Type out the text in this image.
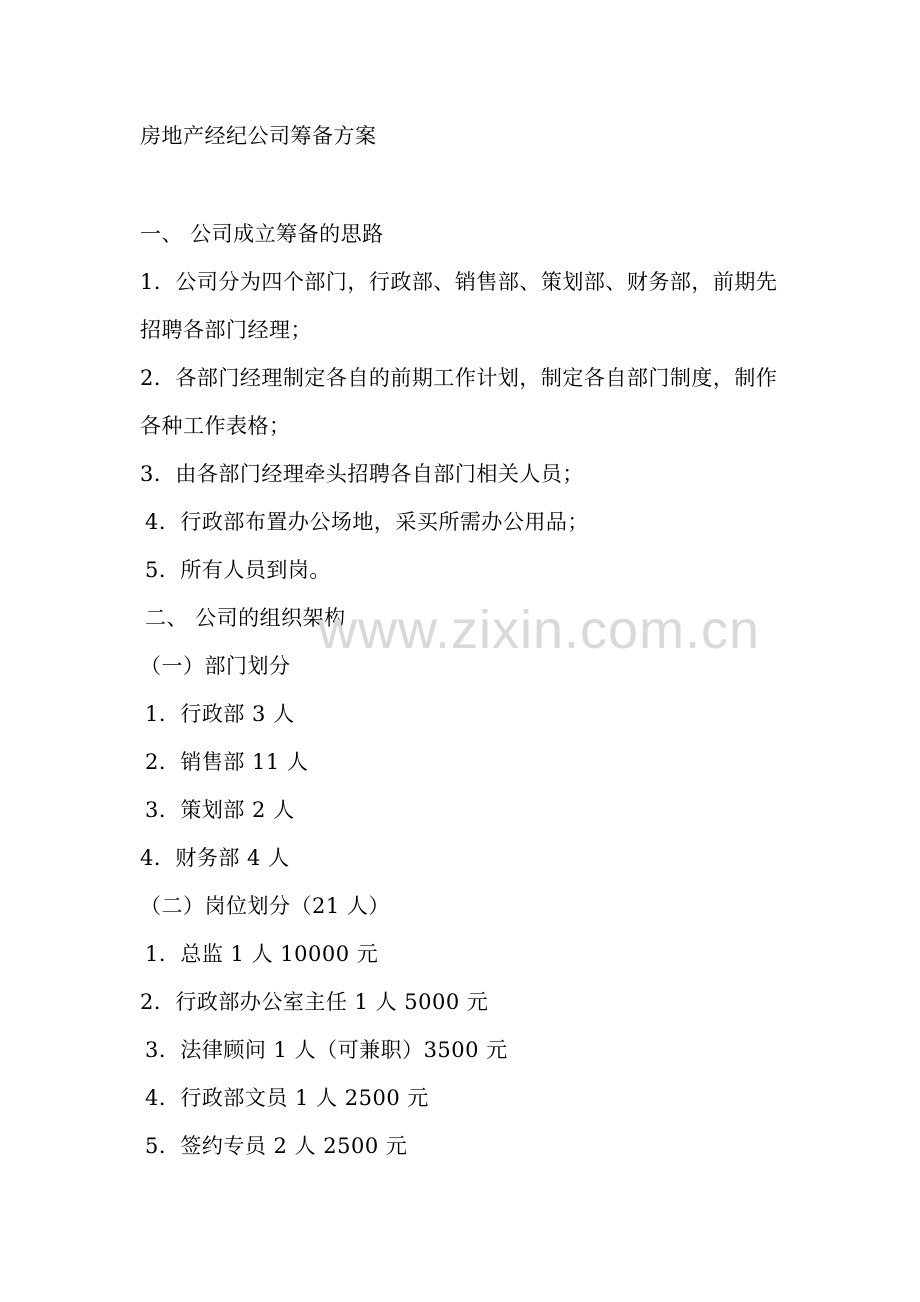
房地产经纪公司筹备方案
一、 公司成立筹备的思路
1．公司分为四个部门，行政部、销售部、策划部、财务部，前期先
招聘各部门经理；
2．各部门经理制定各自的前期工作计划，制定各自部门制度，制作
各种工作表格；
3．由各部门经理牵头招聘各自部门相关人员；
4．行政部布置办公场地，采买所需办公用品；
5．所有人员到岗。
二、 公司的组织架构
（一）部门划分
1．行政部 3 人
2．销售部 11 人
3．策划部 2 人
4．财务部 4 人
（二）岗位划分（21 人）
1．总监 1 人 10000 元
2．行政部办公室主任 1 人 5000 元
3．法律顾问 1 人（可兼职）3500 元
4．行政部文员 1 人 2500 元
5．签约专员 2 人 2500 元
www.zixin.com.cn
